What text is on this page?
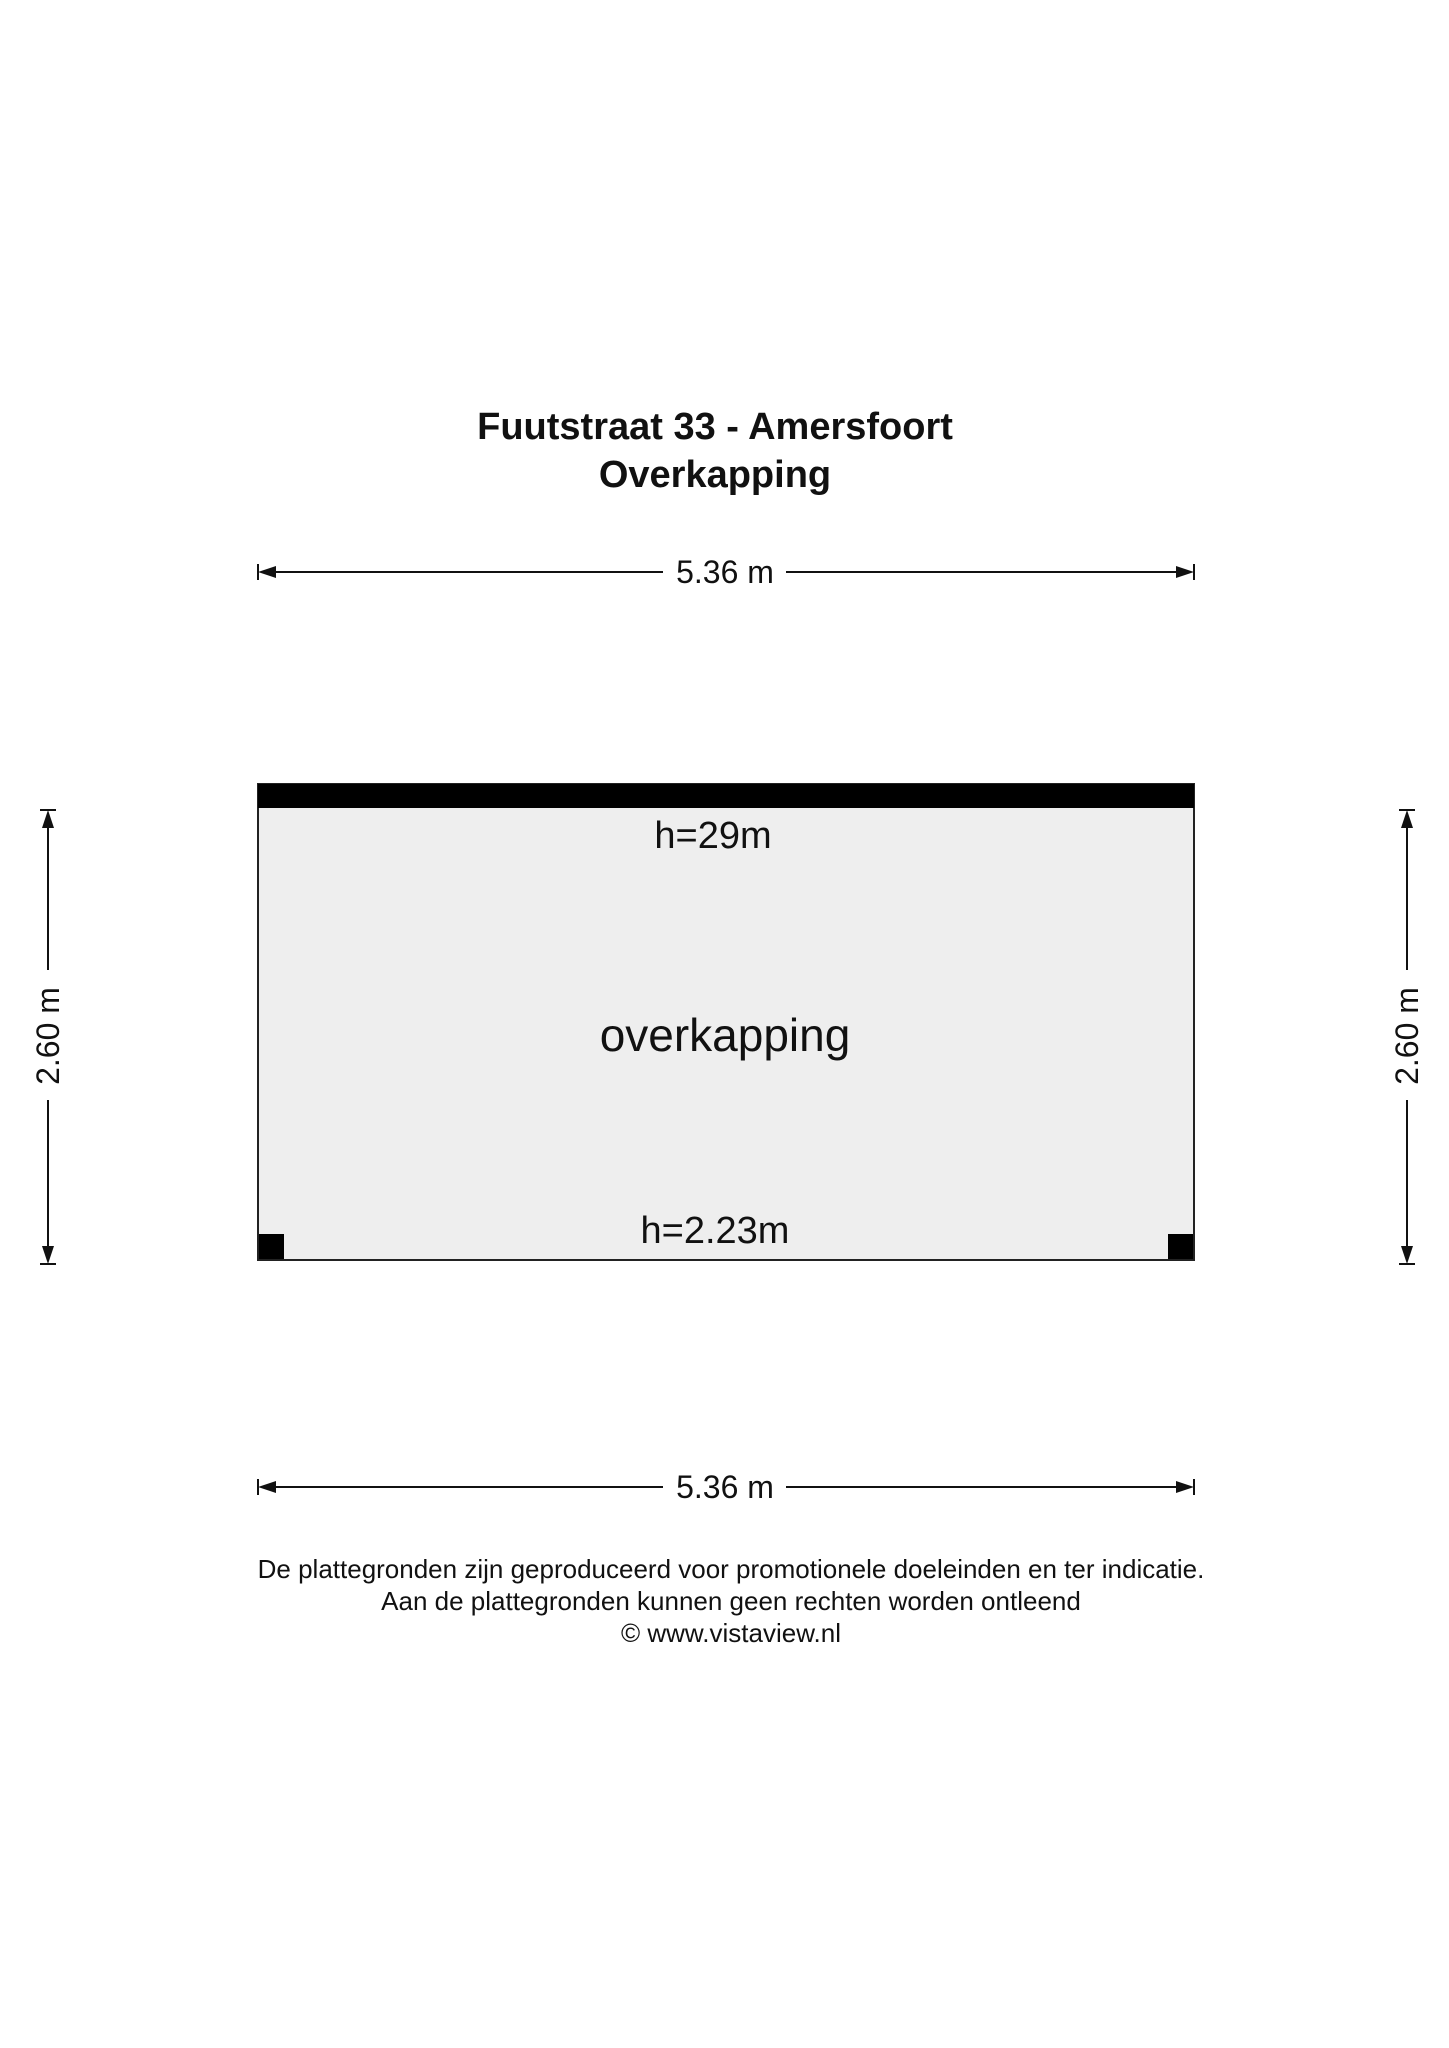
Fuutstraat 33 - Amersfoort
Overkapping
5.36 m
h=29m
overkapping
h=2.23m
2.60 m	2.60 m
5.36 m

De plattegronden zijn geproduceerd voor promotionele doeleinden en ter indicatie.

Aan de plattegronden kunnen geen rechten worden ontleend

© www.vistaview.nl
